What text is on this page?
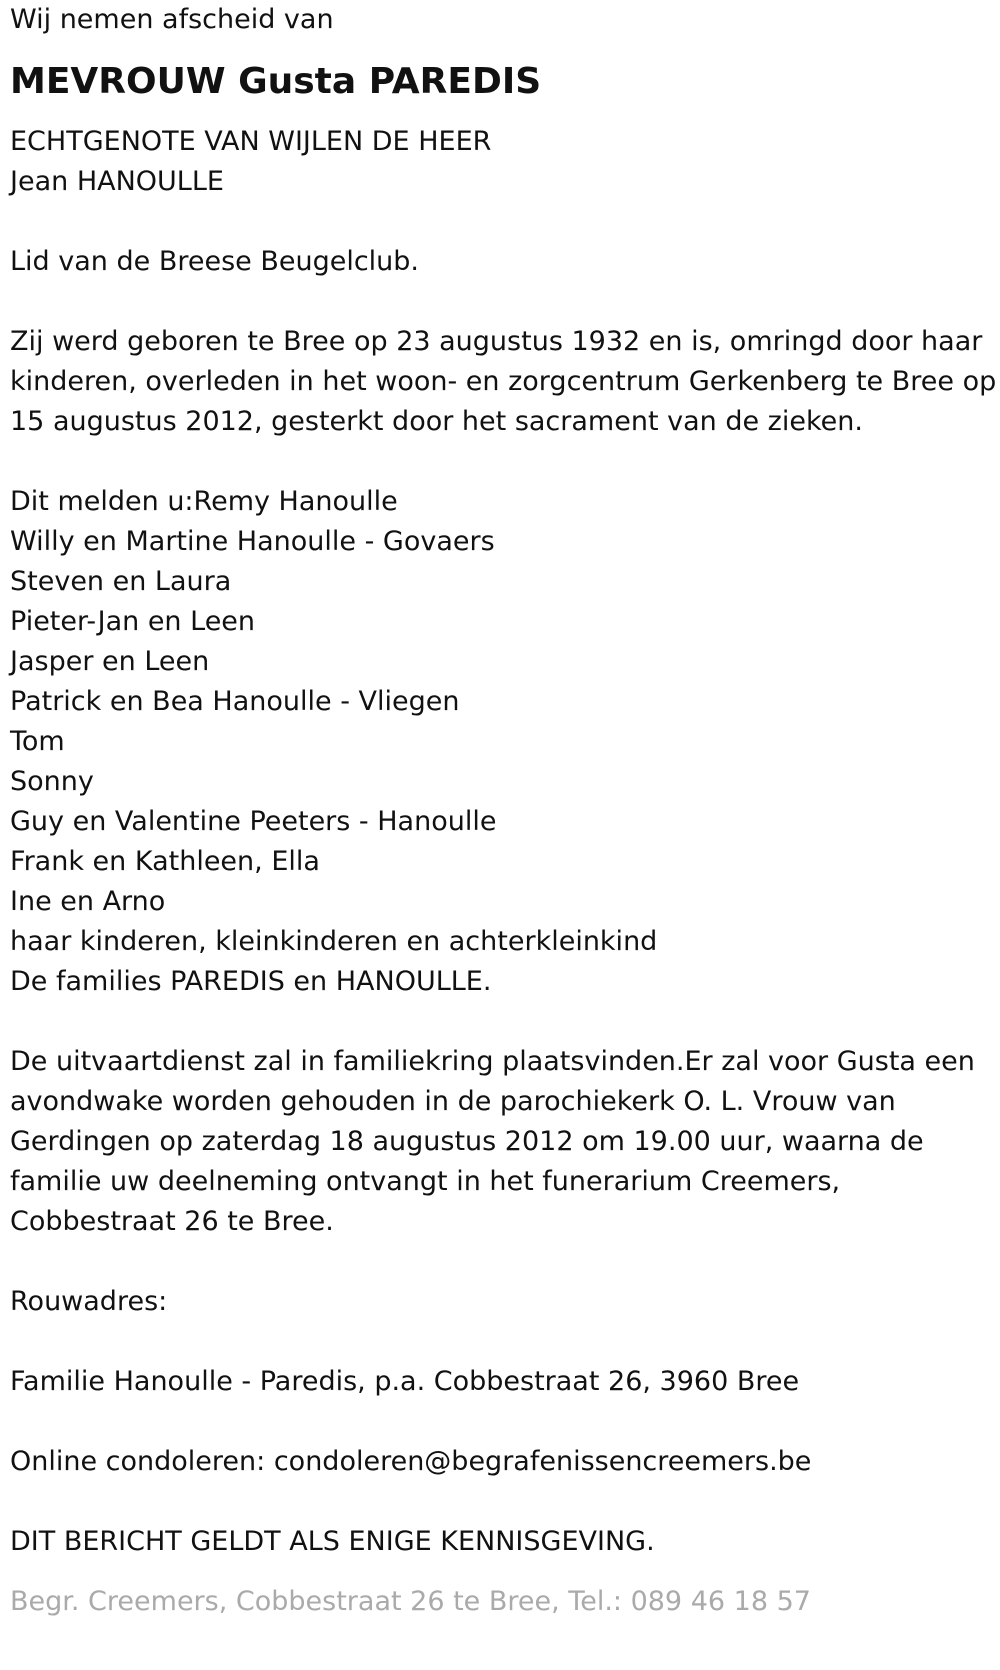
Wij nemen afscheid van
MEVROUW Gusta PAREDIS
ECHTGENOTE VAN WIJLEN DE HEER
Jean HANOULLE
Lid van de Breese Beugelclub.
Zij werd geboren te Bree op 23 augustus 1932 en is, omringd door haar
kinderen, overleden in het woon- en zorgcentrum Gerkenberg te Bree op
15 augustus 2012, gesterkt door het sacrament van de zieken.
Dit melden u:Remy Hanoulle
Willy en Martine Hanoulle - Govaers
Steven en Laura
Pieter-Jan en Leen
Jasper en Leen
Patrick en Bea Hanoulle - Vliegen
Tom
Sonny
Guy en Valentine Peeters - Hanoulle
Frank en Kathleen, Ella
Ine en Arno
haar kinderen, kleinkinderen en achterkleinkind
De families PAREDIS en HANOULLE.
De uitvaartdienst zal in familiekring plaatsvinden.Er zal voor Gusta een
avondwake worden gehouden in de parochiekerk O. L. Vrouw van
Gerdingen op zaterdag 18 augustus 2012 om 19.00 uur, waarna de
familie uw deelneming ontvangt in het funerarium Creemers,
Cobbestraat 26 te Bree.
Rouwadres:
Familie Hanoulle - Paredis, p.a. Cobbestraat 26, 3960 Bree
Online condoleren: condoleren@begrafenissencreemers.be
DIT BERICHT GELDT ALS ENIGE KENNISGEVING.
Begr. Creemers, Cobbestraat 26 te Bree, Tel.: 089 46 18 57
